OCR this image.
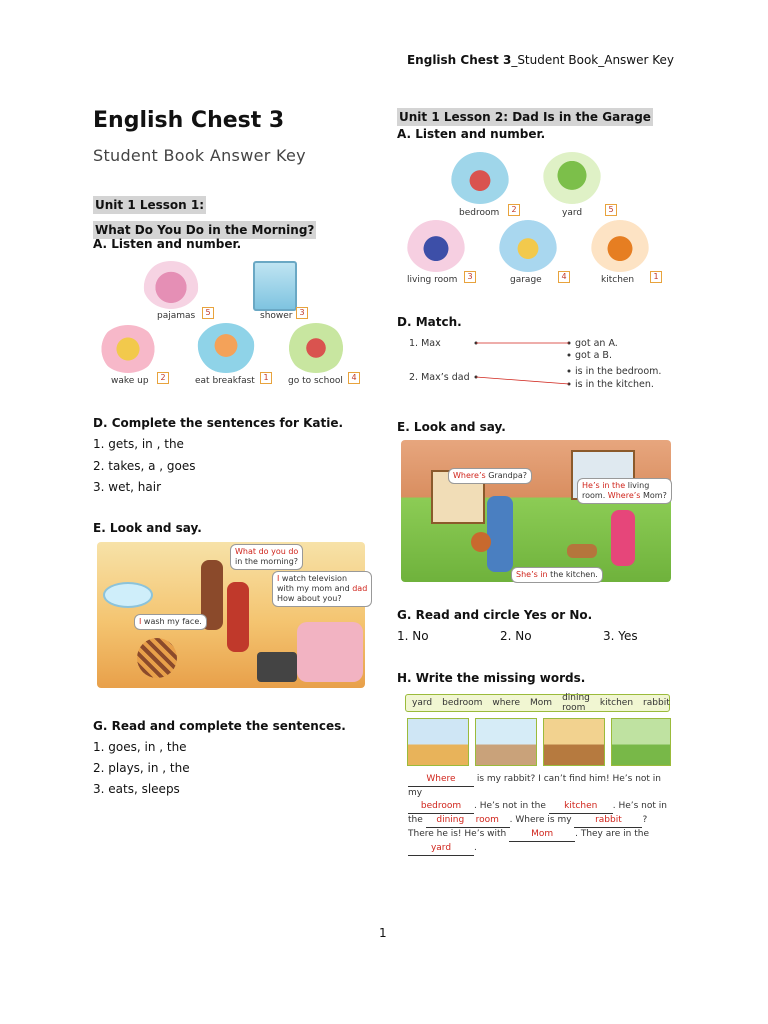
English Chest 3_Student Book_Answer Key
English Chest 3
Student Book Answer Key
Unit 1 Lesson 1:
What Do You Do in the Morning?
A. Listen and number.
pajamas	5	shower 3
wake up	2	eat breakfast	1	go to school	4
D. Complete the sentences for Katie.
1. gets, in , the
2. takes, a , goes
3. wet, hair
E. Look and say.
What do you do
in the morning?
I watch television
with my mom and dad
How about you?
I wash my face.
G. Read and complete the sentences.
1. goes, in , the
2. plays, in , the
3. eats, sleeps
Unit 1 Lesson 2: Dad Is in the Garage
A. Listen and number.
bedroom	2	yard	5
living room	3	garage	4	kitchen	1
D. Match.
1. Max
2. Max’s dad
got an A.
got a B.
is in the bedroom.
is in the kitchen.
E. Look and say.
Where’s Grandpa?
He’s in the living
room. Where’s Mom?
She’s in the kitchen.
G. Read and circle Yes or No.
1. No	2. No	3. Yes
H. Write the missing words.
yard bedroom where Mom dining room	kitchen rabbit
Where is my rabbit? I can’t find him! He’s not in my
bedroom . He’s not in the kitchen . He’s not in
the dining room . Where is my	rabbit ?
There he is! He’s with	Mom . They are in the
yard	.
1
